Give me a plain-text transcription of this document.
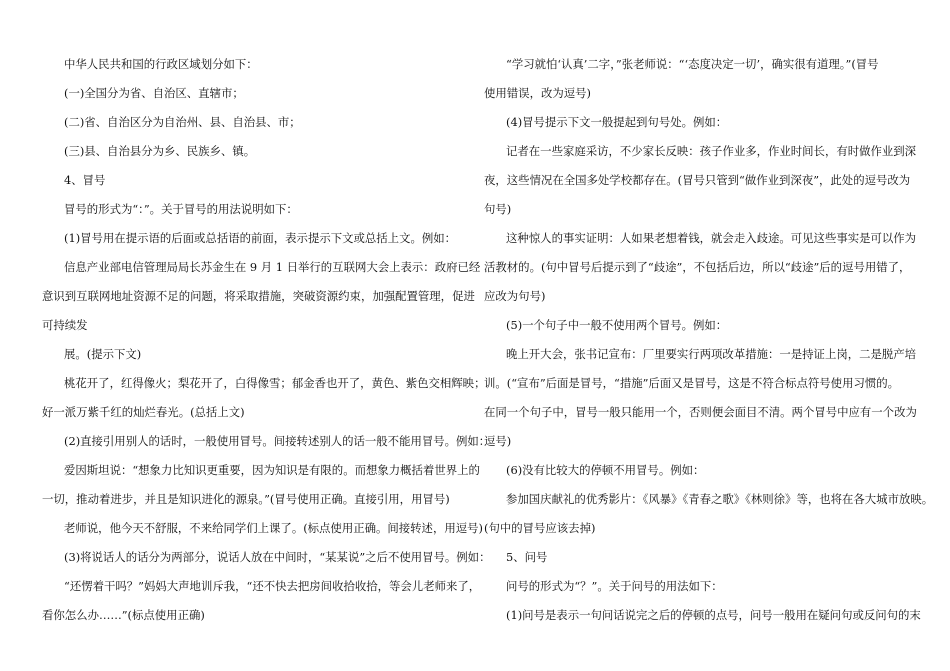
中华人民共和国的行政区域划分如下：
(一)全国分为省、自治区、直辖市；
(二)省、自治区分为自治州、县、自治县、市；
(三)县、自治县分为乡、民族乡、镇。
4、冒号
冒号的形式为“：”。关于冒号的用法说明如下：
(1)冒号用在提示语的后面或总括语的前面，表示提示下文或总括上文。例如：
信息产业部电信管理局局长苏金生在 9 月 1 日举行的互联网大会上表示：政府已经
意识到互联网地址资源不足的问题，将采取措施，突破资源约束，加强配置管理，促进
可持续发
展。(提示下文)
桃花开了，红得像火；梨花开了，白得像雪；郁金香也开了，黄色、紫色交相辉映；
好一派万紫千红的灿烂春光。(总括上文)
(2)直接引用别人的话时，一般使用冒号。间接转述别人的话一般不能用冒号。例如：
爱因斯坦说：“想象力比知识更重要，因为知识是有限的。而想象力概括着世界上的
一切，推动着进步，并且是知识进化的源泉。”(冒号使用正确。直接引用，用冒号)
老师说，他今天不舒服，不来给同学们上课了。(标点使用正确。间接转述，用逗号)
(3)将说话人的话分为两部分，说话人放在中间时，“某某说”之后不使用冒号。例如：
“还愣着干吗？”妈妈大声地训斥我，“还不快去把房间收拾收拾，等会儿老师来了，
看你怎么办……”(标点使用正确)
“学习就怕‘认真’二字，”张老师说：“‘态度决定一切’，确实很有道理。”(冒号
使用错误，改为逗号)
(4)冒号提示下文一般提起到句号处。例如：
记者在一些家庭采访，不少家长反映：孩子作业多，作业时间长，有时做作业到深
夜，这些情况在全国多处学校都存在。(冒号只管到“做作业到深夜”，此处的逗号改为
句号)
这种惊人的事实证明：人如果老想着钱，就会走入歧途。可见这些事实是可以作为
活教材的。(句中冒号后提示到了“歧途”，不包括后边，所以“歧途”后的逗号用错了，
应改为句号)
(5)一个句子中一般不使用两个冒号。例如：
晚上开大会，张书记宣布：厂里要实行两项改革措施：一是持证上岗，二是脱产培
训。(“宣布”后面是冒号，“措施”后面又是冒号，这是不符合标点符号使用习惯的。
在同一个句子中，冒号一般只能用一个，否则便会面目不清。两个冒号中应有一个改为
逗号)
(6)没有比较大的停顿不用冒号。例如：
参加国庆献礼的优秀影片：《风暴》《青春之歌》《林则徐》等，也将在各大城市放映。
(句中的冒号应该去掉)
5、问号
问号的形式为“？”。关于问号的用法如下：
(1)问号是表示一句问话说完之后的停顿的点号，问号一般用在疑问句或反问句的末
